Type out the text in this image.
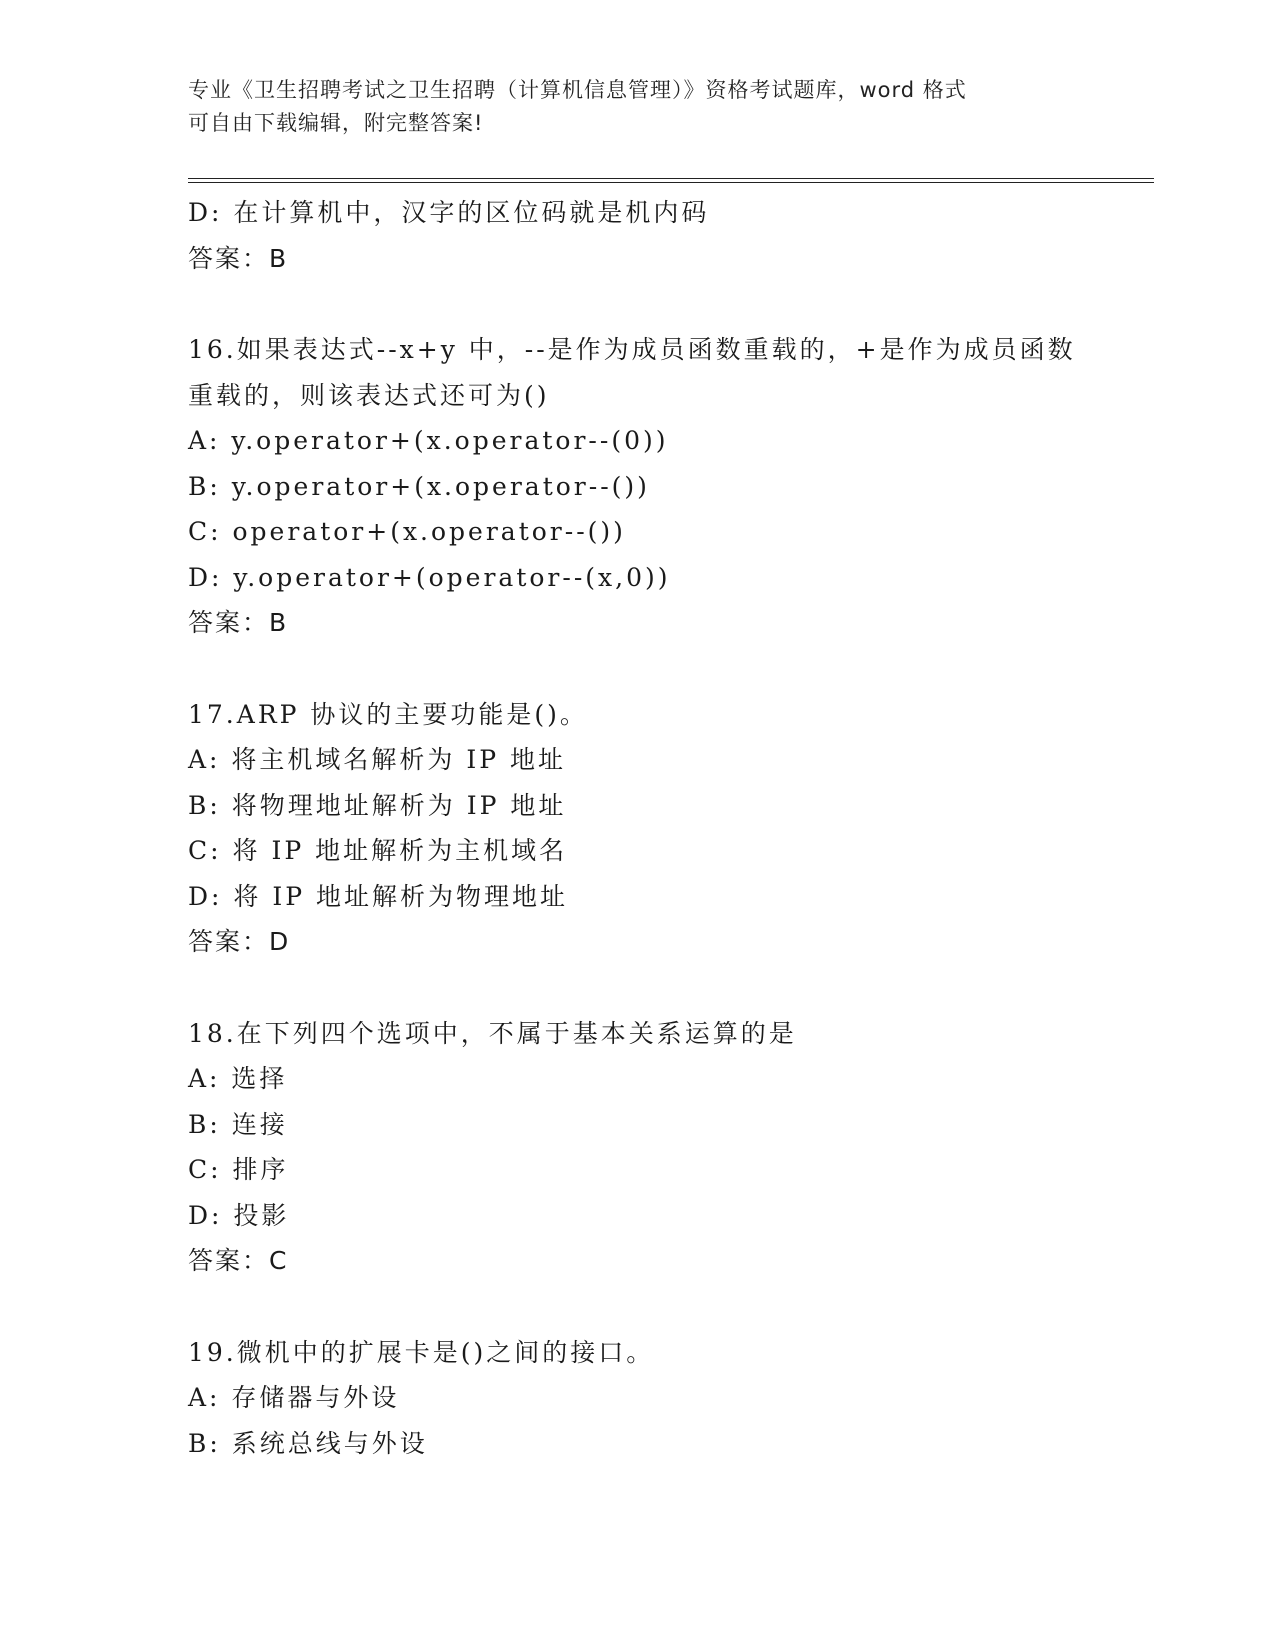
专业《卫生招聘考试之卫生招聘（计算机信息管理）》资格考试题库，word 格式
可自由下载编辑，附完整答案!
D: 在计算机中，汉字的区位码就是机内码
答案：B
16.如果表达式--x+y 中，--是作为成员函数重载的，+是作为成员函数
重载的，则该表达式还可为()
A: y.operator+(x.operator--(0))
B: y.operator+(x.operator--())
C: operator+(x.operator--())
D: y.operator+(operator--(x,0))
答案：B
17.ARP 协议的主要功能是()。
A: 将主机域名解析为 IP 地址
B: 将物理地址解析为 IP 地址
C: 将 IP 地址解析为主机域名
D: 将 IP 地址解析为物理地址
答案：D
18.在下列四个选项中，不属于基本关系运算的是
A: 选择
B: 连接
C: 排序
D: 投影
答案：C
19.微机中的扩展卡是()之间的接口。
A: 存储器与外设
B: 系统总线与外设
